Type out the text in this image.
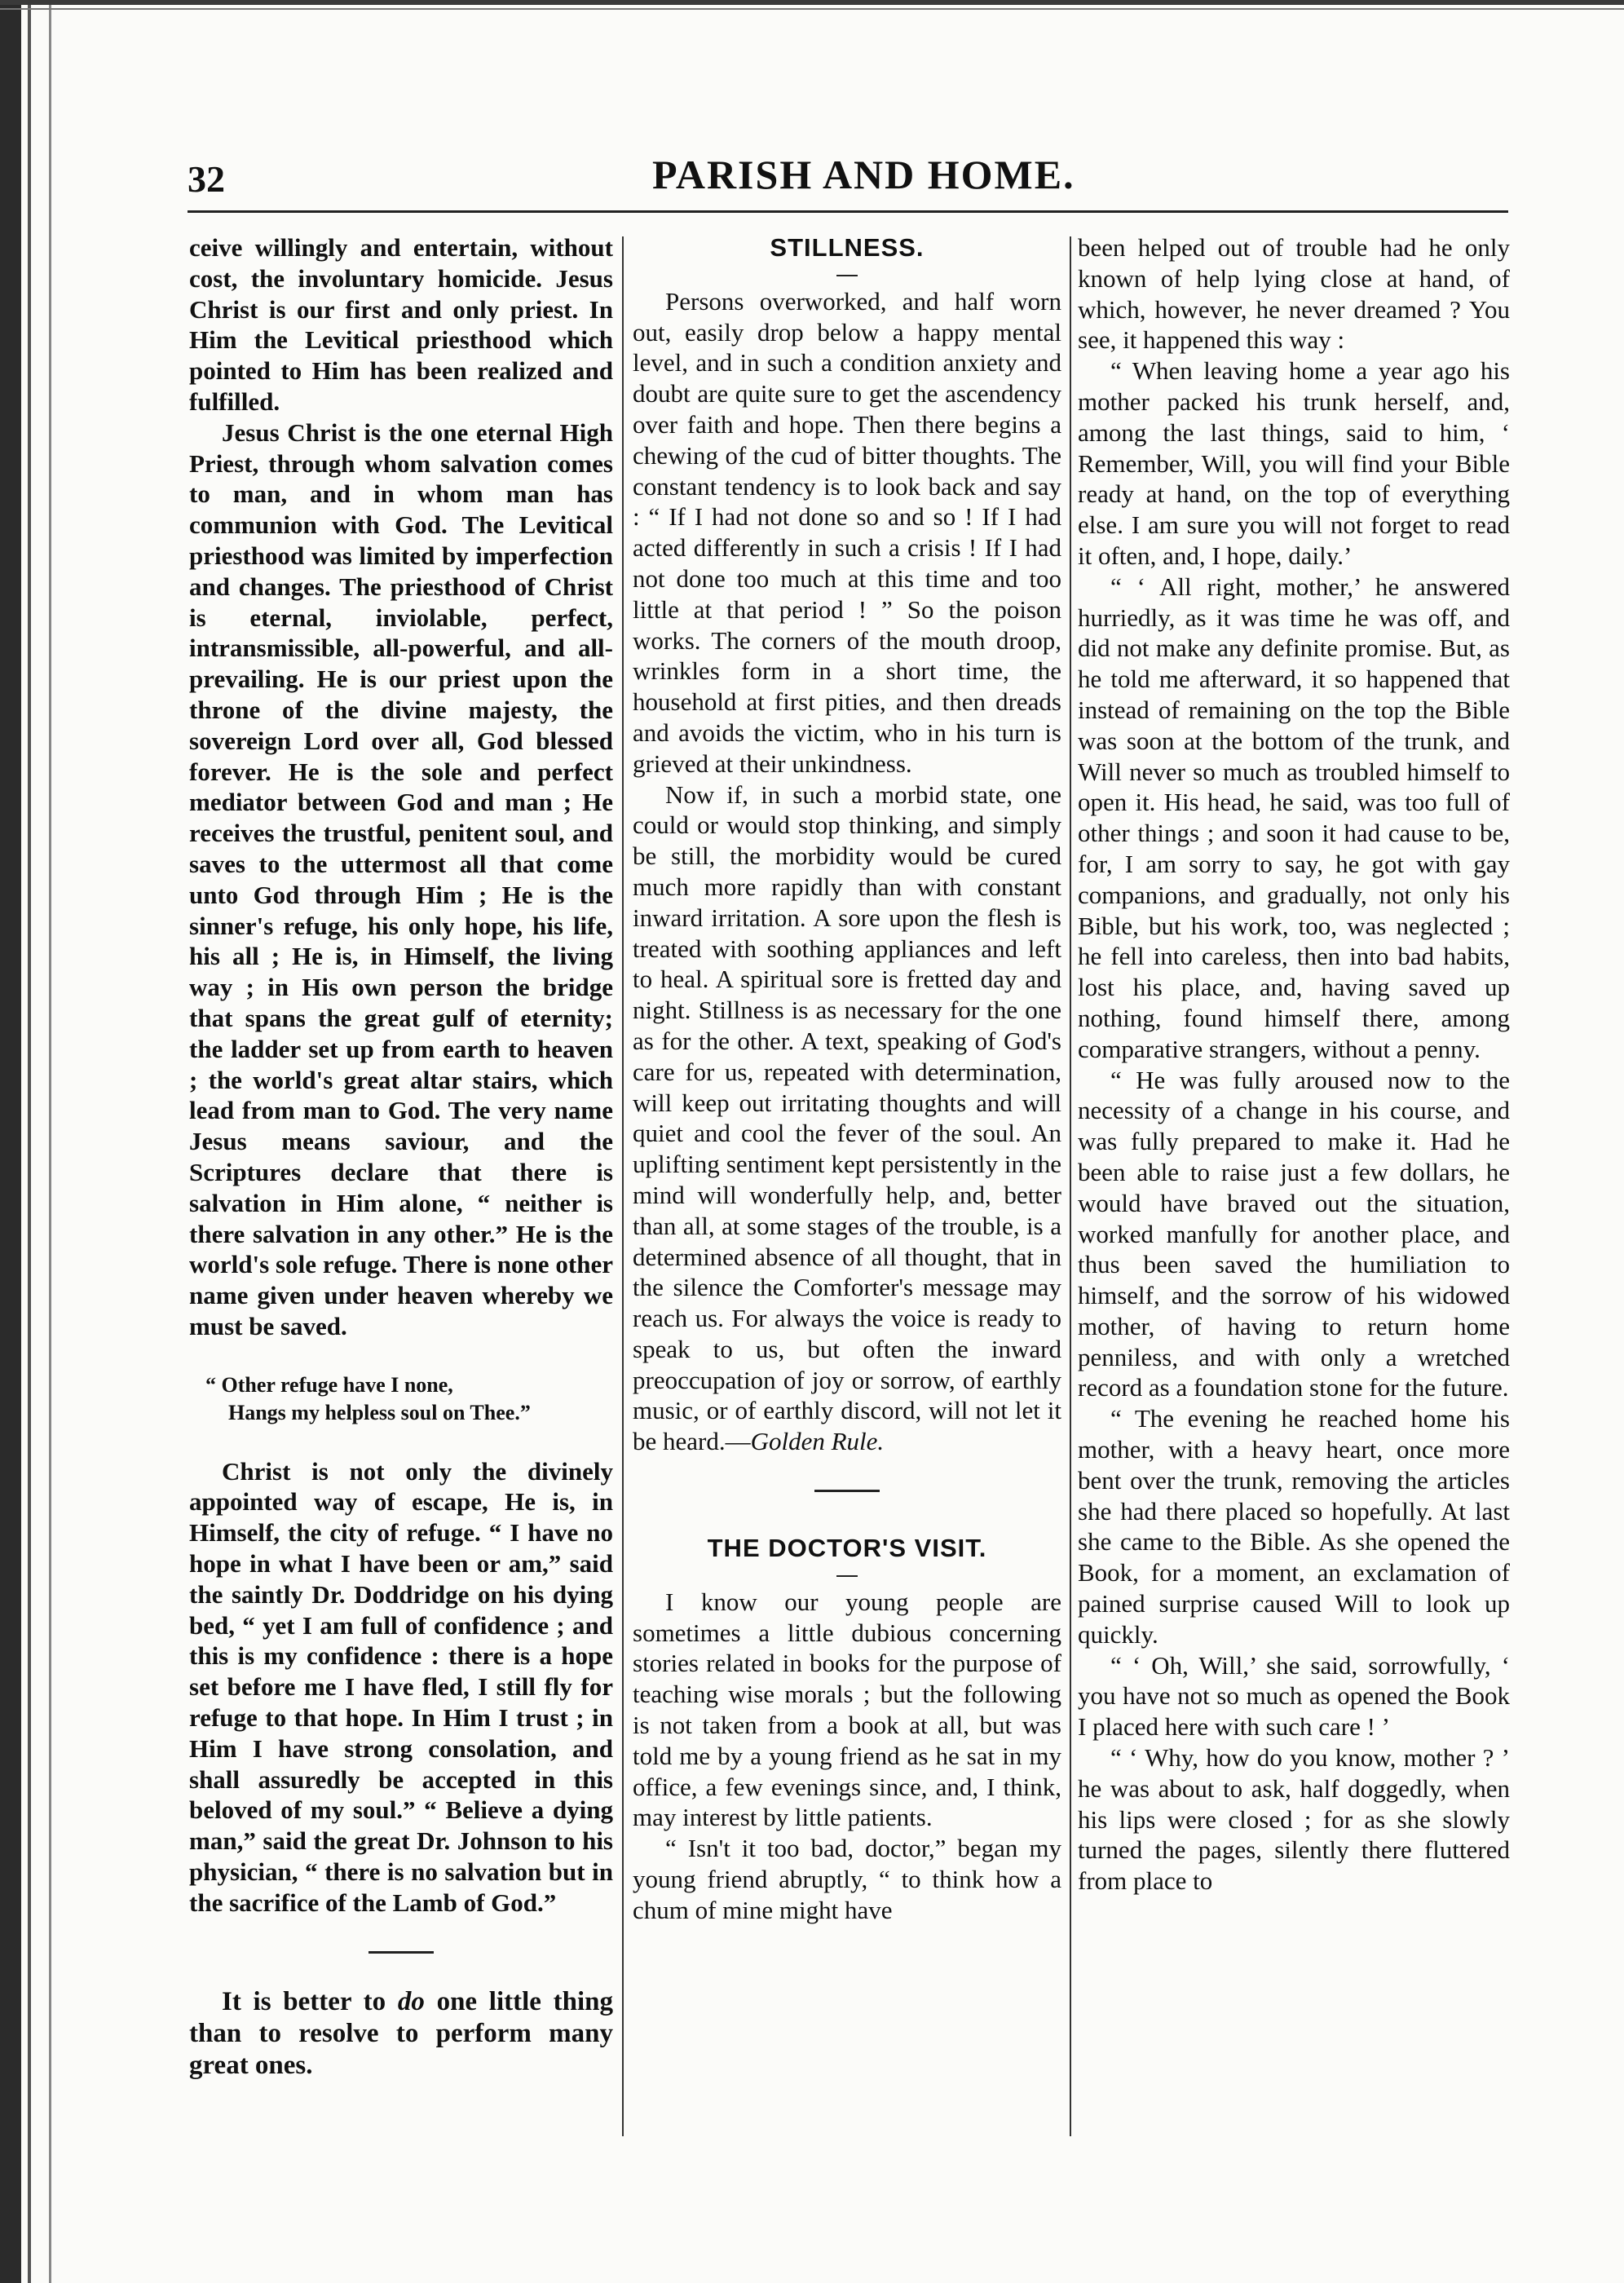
32	PARISH AND HOME.

ceive willingly and entertain, without cost, the involuntary homicide. Jesus Christ is our first and only priest. In Him the Levitical priesthood which pointed to Him has been realized and fulfilled.

Jesus Christ is the one eternal High Priest, through whom salvation comes to man, and in whom man has communion with God. The Levitical priesthood was limited by imperfection and changes. The priesthood of Christ is eternal, inviolable, perfect, intransmissible, all-powerful, and all-prevailing. He is our priest upon the throne of the divine majesty, the sovereign Lord over all, God blessed forever. He is the sole and perfect mediator between God and man ; He receives the trustful, penitent soul, and saves to the uttermost all that come unto God through Him ; He is the sinner's refuge, his only hope, his life, his all ; He is, in Himself, the living way ; in His own person the bridge that spans the great gulf of eternity; the ladder set up from earth to heaven ; the world's great altar stairs, which lead from man to God. The very name Jesus means saviour, and the Scriptures declare that there is salvation in Him alone, “ neither is there salvation in any other.” He is the world's sole refuge. There is none other name given under heaven whereby we must be saved.

“ Other refuge have I none,
Hangs my helpless soul on Thee.”

Christ is not only the divinely appointed way of escape, He is, in Himself, the city of refuge. “ I have no hope in what I have been or am,” said the saintly Dr. Doddridge on his dying bed, “ yet I am full of confidence ; and this is my confidence : there is a hope set before me I have fled, I still fly for refuge to that hope. In Him I trust ; in Him I have strong consolation, and shall assuredly be accepted in this beloved of my soul.” “ Believe a dying man,” said the great Dr. Johnson to his physician, “ there is no salvation but in the sacrifice of the Lamb of God.”

It is better to do one little thing than to resolve to perform many great ones.

STILLNESS.

Persons overworked, and half worn out, easily drop below a happy mental level, and in such a condition anxiety and doubt are quite sure to get the ascendency over faith and hope. Then there begins a chewing of the cud of bitter thoughts. The constant tendency is to look back and say : “ If I had not done so and so ! If I had acted differently in such a crisis ! If I had not done too much at this time and too little at that period ! ” So the poison works. The corners of the mouth droop, wrinkles form in a short time, the household at first pities, and then dreads and avoids the victim, who in his turn is grieved at their unkindness.

Now if, in such a morbid state, one could or would stop thinking, and simply be still, the morbidity would be cured much more rapidly than with constant inward irritation. A sore upon the flesh is treated with soothing appliances and left to heal. A spiritual sore is fretted day and night. Stillness is as necessary for the one as for the other. A text, speaking of God's care for us, repeated with determination, will keep out irritating thoughts and will quiet and cool the fever of the soul. An uplifting sentiment kept persistently in the mind will wonderfully help, and, better than all, at some stages of the trouble, is a determined absence of all thought, that in the silence the Comforter's message may reach us. For always the voice is ready to speak to us, but often the inward preoccupation of joy or sorrow, of earthly music, or of earthly discord, will not let it be heard.—Golden Rule.

THE DOCTOR'S VISIT.

I know our young people are sometimes a little dubious concerning stories related in books for the purpose of teaching wise morals ; but the following is not taken from a book at all, but was told me by a young friend as he sat in my office, a few evenings since, and, I think, may interest by little patients.

“ Isn't it too bad, doctor,” began my young friend abruptly, “ to think how a chum of mine might have

been helped out of trouble had he only known of help lying close at hand, of which, however, he never dreamed ? You see, it happened this way :

“ When leaving home a year ago his mother packed his trunk herself, and, among the last things, said to him, ‘ Remember, Will, you will find your Bible ready at hand, on the top of everything else. I am sure you will not forget to read it often, and, I hope, daily.’

“ ‘ All right, mother,’ he answered hurriedly, as it was time he was off, and did not make any definite promise. But, as he told me afterward, it so happened that instead of remaining on the top the Bible was soon at the bottom of the trunk, and Will never so much as troubled himself to open it. His head, he said, was too full of other things ; and soon it had cause to be, for, I am sorry to say, he got with gay companions, and gradually, not only his Bible, but his work, too, was neglected ; he fell into careless, then into bad habits, lost his place, and, having saved up nothing, found himself there, among comparative strangers, without a penny.

“ He was fully aroused now to the necessity of a change in his course, and was fully prepared to make it. Had he been able to raise just a few dollars, he would have braved out the situation, worked manfully for another place, and thus been saved the humiliation to himself, and the sorrow of his widowed mother, of having to return home penniless, and with only a wretched record as a foundation stone for the future.

“ The evening he reached home his mother, with a heavy heart, once more bent over the trunk, removing the articles she had there placed so hopefully. At last she came to the Bible. As she opened the Book, for a moment, an exclamation of pained surprise caused Will to look up quickly.

“ ‘ Oh, Will,’ she said, sorrowfully, ‘ you have not so much as opened the Book I placed here with such care ! ’

“ ‘ Why, how do you know, mother ? ’ he was about to ask, half doggedly, when his lips were closed ; for as she slowly turned the pages, silently there fluttered from place to
